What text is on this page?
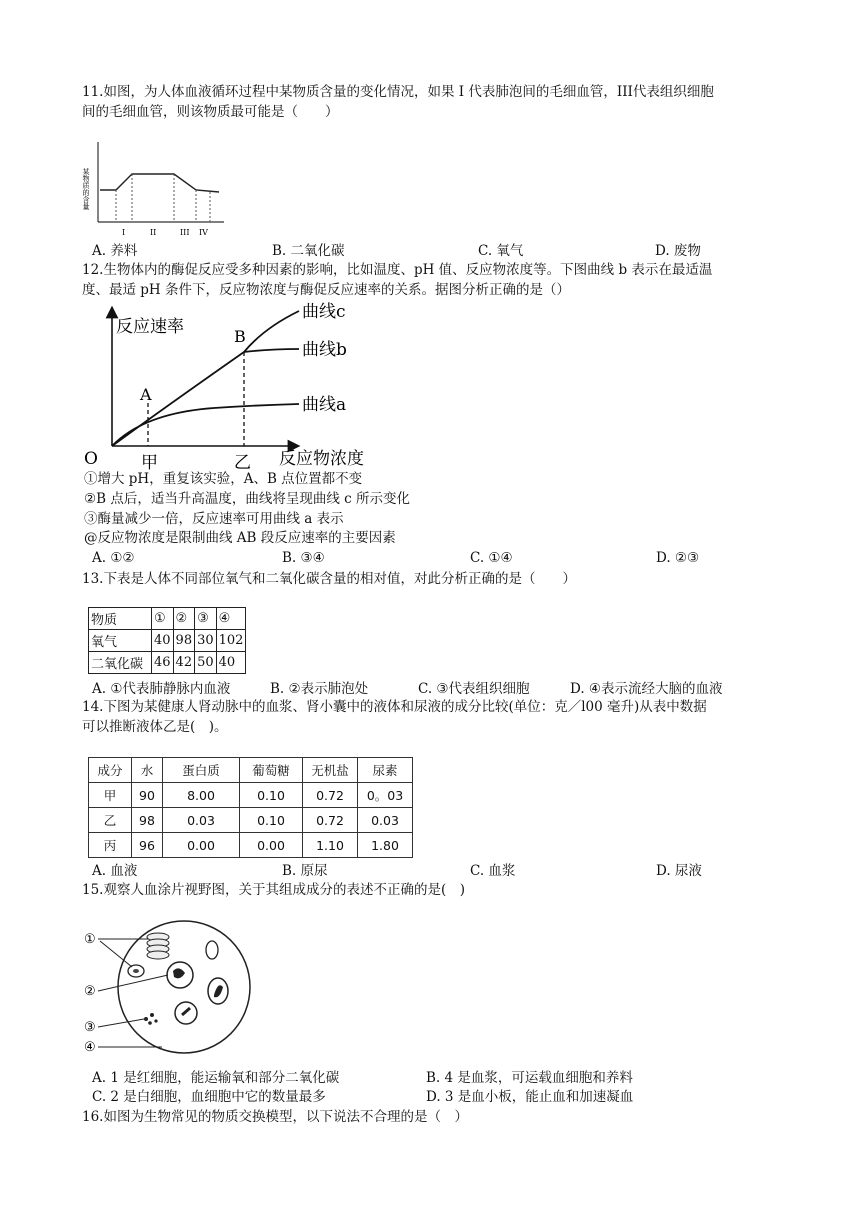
11.如图，为人体血液循环过程中某物质含量的变化情况，如果 I 代表肺泡间的毛细血管，III代表组织细胞
间的毛细血管，则该物质最可能是（　　）
某物质的含量
I	II	III IV
A. 养料	B. 二氧化碳	C. 氧气	D. 废物
12.生物体内的酶促反应受多种因素的影响，比如温度、pH 值、反应物浓度等。下图曲线 b 表示在最适温
度、最适 pH 条件下，反应物浓度与酶促反应速率的关系。据图分析正确的是（）
反应速率
反应物浓度
O	甲	乙
A
B
曲线c
曲线b
曲线a
①增大 pH，重复该实验，A、B 点位置都不变
②B 点后，适当升高温度，曲线将呈现曲线 c 所示变化
③酶量减少一倍，反应速率可用曲线 a 表示
@反应物浓度是限制曲线 AB 段反应速率的主要因素
A. ①②	B. ③④	C. ①④	D. ②③
13.下表是人体不同部位氧气和二氧化碳含量的相对值，对此分析正确的是（　　）
物质	①	②	③	④
氧气	40	98	30	102
二氧化碳	46	42	50	40
A. ①代表肺静脉内血液	B. ②表示肺泡处	C. ③代表组织细胞	D. ④表示流经大脑的血液
14.下图为某健康人肾动脉中的血浆、肾小囊中的液体和尿液的成分比较(单位：克／l00 毫升)从表中数据
可以推断液体乙是(　)。
成分	水	蛋白质	葡萄糖	无机盐	尿素
甲	90	8.00	0.10	0.72	0。03
乙	98	0.03	0.10	0.72	0.03
丙	96	0.00	0.00	1.10	1.80
A. 血液	B. 原尿	C. 血浆	D. 尿液
15.观察人血涂片视野图，关于其组成成分的表述不正确的是(　)
①
②
③
④
A. 1 是红细胞，能运输氧和部分二氧化碳	B. 4 是血浆，可运载血细胞和养料
C. 2 是白细胞，血细胞中它的数量最多	D. 3 是血小板，能止血和加速凝血
16.如图为生物常见的物质交换模型，以下说法不合理的是（　）
